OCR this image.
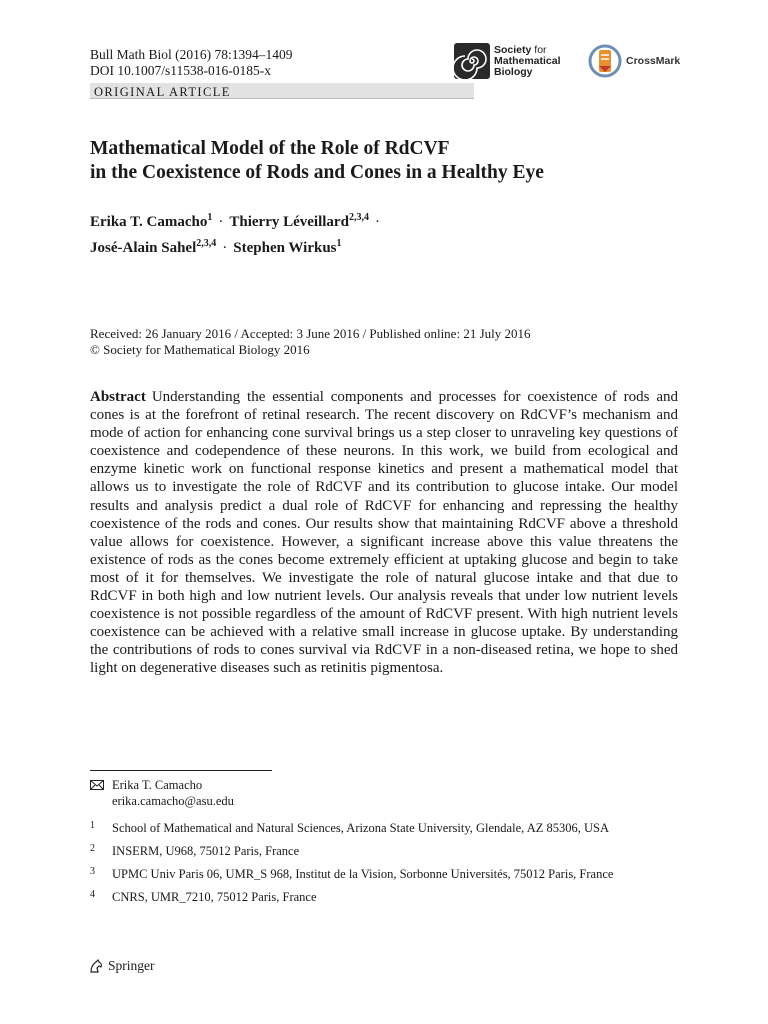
Bull Math Biol (2016) 78:1394–1409
DOI 10.1007/s11538-016-0185-x
ORIGINAL ARTICLE
Society for
Mathematical
Biology
CrossMark
Mathematical Model of the Role of RdCVF
in the Coexistence of Rods and Cones in a Healthy Eye
Erika T. Camacho$^1$ · Thierry Léveillard$^{2,3,4}$ ·
José-Alain Sahel$^{2,3,4}$ · Stephen Wirkus$^1$
Received: 26 January 2016 / Accepted: 3 June 2016 / Published online: 21 July 2016
© Society for Mathematical Biology 2016
Abstract Understanding the essential components and processes for coexistence of rods and cones is at the forefront of retinal research. The recent discovery on RdCVF’s mechanism and mode of action for enhancing cone survival brings us a step closer to unraveling key questions of coexistence and codependence of these neurons. In this work, we build from ecological and enzyme kinetic work on functional response kinetics and present a mathematical model that allows us to investigate the role of RdCVF and its contribution to glucose intake. Our model results and analysis predict a dual role of RdCVF for enhancing and repressing the healthy coexistence of the rods and cones. Our results show that maintaining RdCVF above a threshold value allows for coexistence. However, a significant increase above this value threatens the existence of rods as the cones become extremely efficient at uptaking glucose and begin to take most of it for themselves. We investigate the role of natural glucose intake and that due to RdCVF in both high and low nutrient levels. Our analysis reveals that under low nutrient levels coexistence is not possible regardless of the amount of RdCVF present. With high nutrient levels coexistence can be achieved with a relative small increase in glucose uptake. By understanding the contributions of rods to cones survival via RdCVF in a non-diseased retina, we hope to shed light on degenerative diseases such as retinitis pigmentosa.
Erika T. Camacho
erika.camacho@asu.edu
1 School of Mathematical and Natural Sciences, Arizona State University, Glendale, AZ 85306, USA
2 INSERM, U968, 75012 Paris, France
3 UPMC Univ Paris 06, UMR_S 968, Institut de la Vision, Sorbonne Universités, 75012 Paris, France
4 CNRS, UMR_7210, 75012 Paris, France
Springer
